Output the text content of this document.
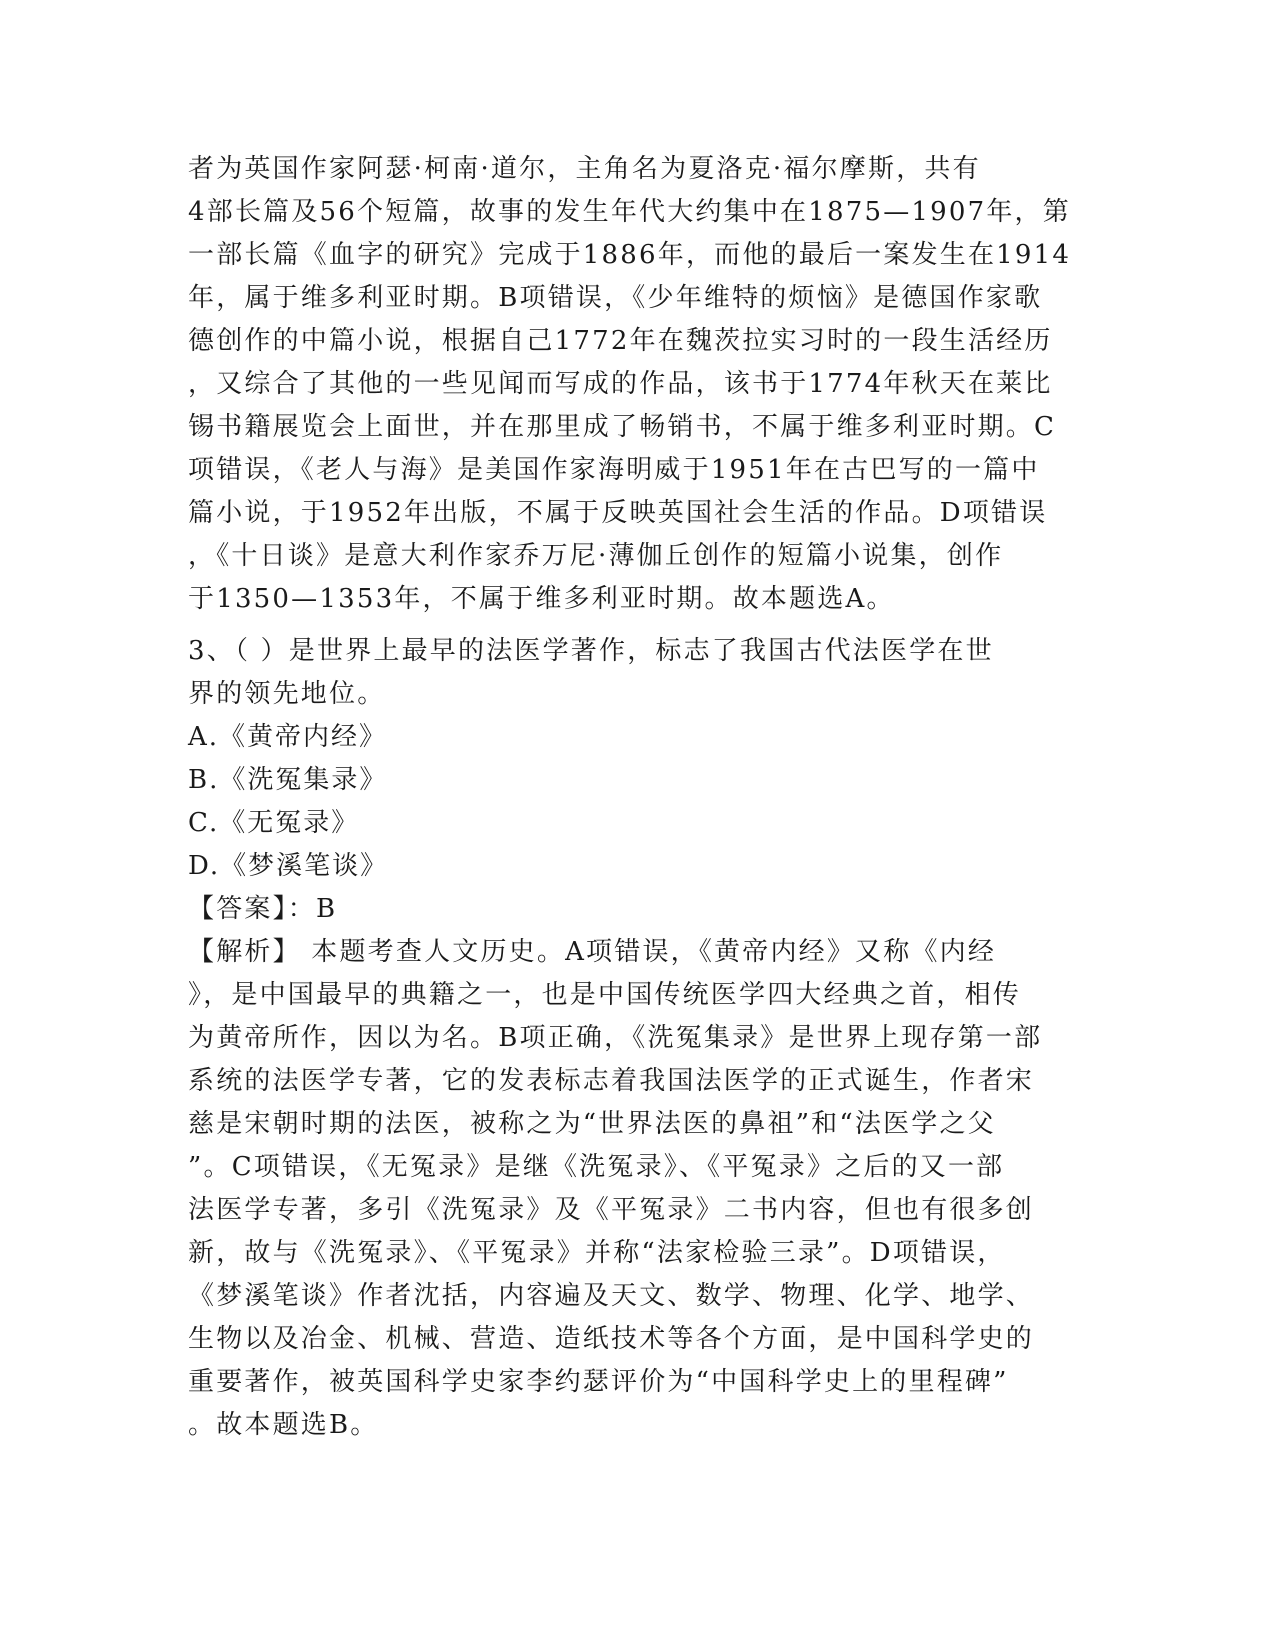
者为英国作家阿瑟·柯南·道尔，主角名为夏洛克·福尔摩斯，共有
4部长篇及56个短篇，故事的发生年代大约集中在1875—1907年，第
一部长篇《血字的研究》完成于1886年，而他的最后一案发生在1914
年，属于维多利亚时期。B项错误，《少年维特的烦恼》是德国作家歌
德创作的中篇小说，根据自己1772年在魏茨拉实习时的一段生活经历
，又综合了其他的一些见闻而写成的作品，该书于1774年秋天在莱比
锡书籍展览会上面世，并在那里成了畅销书，不属于维多利亚时期。C
项错误，《老人与海》是美国作家海明威于1951年在古巴写的一篇中
篇小说，于1952年出版，不属于反映英国社会生活的作品。D项错误
，《十日谈》是意大利作家乔万尼·薄伽丘创作的短篇小说集，创作
于1350—1353年，不属于维多利亚时期。故本题选A。
3、（ ）是世界上最早的法医学著作，标志了我国古代法医学在世
界的领先地位。
A.《黄帝内经》
B.《洗冤集录》
C.《无冤录》
D.《梦溪笔谈》
【答案】：B
【解析】 本题考查人文历史。A项错误，《黄帝内经》又称《内经
》，是中国最早的典籍之一，也是中国传统医学四大经典之首，相传
为黄帝所作，因以为名。B项正确，《洗冤集录》是世界上现存第一部
系统的法医学专著，它的发表标志着我国法医学的正式诞生，作者宋
慈是宋朝时期的法医，被称之为“世界法医的鼻祖”和“法医学之父
”。C项错误，《无冤录》是继《洗冤录》、《平冤录》之后的又一部
法医学专著，多引《洗冤录》及《平冤录》二书内容，但也有很多创
新，故与《洗冤录》、《平冤录》并称“法家检验三录”。D项错误，
《梦溪笔谈》作者沈括，内容遍及天文、数学、物理、化学、地学、
生物以及冶金、机械、营造、造纸技术等各个方面，是中国科学史的
重要著作，被英国科学史家李约瑟评价为“中国科学史上的里程碑”
。故本题选B。
